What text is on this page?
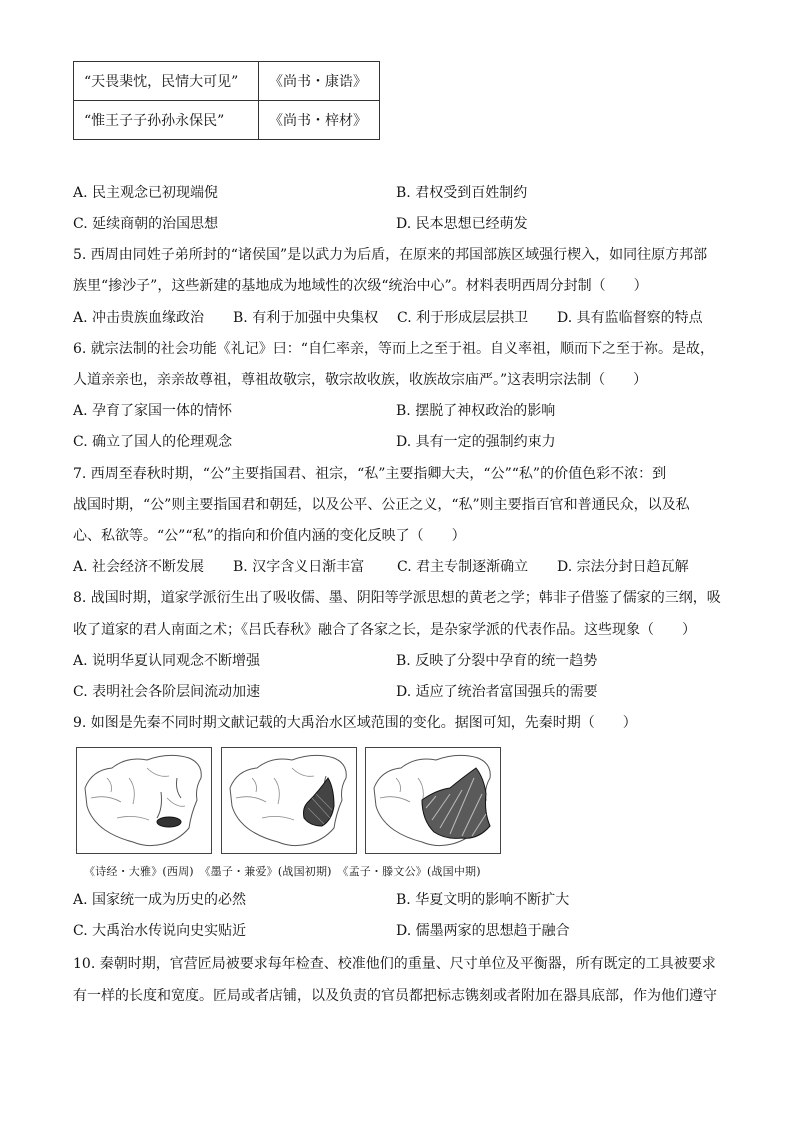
“天畏棐忱，民情大可见”	《尚书・康诰》
“惟王子子孙孙永保民”	《尚书・梓材》
A. 民主观念已初现端倪	B. 君权受到百姓制约
C. 延续商朝的治国思想	D. 民本思想已经萌发
5. 西周由同姓子弟所封的“诸侯国”是以武力为后盾，在原来的邦国部族区域强行楔入，如同往原方邦部
族里“掺沙子”，这些新建的基地成为地域性的次级“统治中心”。材料表明西周分封制（　　）
A. 冲击贵族血缘政治 B. 有利于加强中央集权 C. 利于形成层层拱卫 D. 具有监临督察的特点
6. 就宗法制的社会功能《礼记》曰：“自仁率亲，等而上之至于祖。自义率祖，顺而下之至于祢。是故，
人道亲亲也，亲亲故尊祖，尊祖故敬宗，敬宗故收族，收族故宗庙严。”这表明宗法制（　　）
A. 孕育了家国一体的情怀	B. 摆脱了神权政治的影响
C. 确立了国人的伦理观念	D. 具有一定的强制约束力
7. 西周至春秋时期，“公”主要指国君、祖宗，“私”主要指卿大夫，“公”“私”的价值色彩不浓：到
战国时期，“公”则主要指国君和朝廷，以及公平、公正之义，“私”则主要指百官和普通民众，以及私
心、私欲等。“公”“私”的指向和价值内涵的变化反映了（　　）
A. 社会经济不断发展 B. 汉字含义日渐丰富 C. 君主专制逐渐确立 D. 宗法分封日趋瓦解
8. 战国时期，道家学派衍生出了吸收儒、墨、阴阳等学派思想的黄老之学；韩非子借鉴了儒家的三纲，吸
收了道家的君人南面之术；《吕氏春秋》融合了各家之长，是杂家学派的代表作品。这些现象（　　）
A. 说明华夏认同观念不断增强	B. 反映了分裂中孕育的统一趋势
C. 表明社会各阶层间流动加速	D. 适应了统治者富国强兵的需要
9. 如图是先秦不同时期文献记载的大禹治水区域范围的变化。据图可知，先秦时期（　　）
《诗经・大雅》(西周)　《墨子・兼爱》(战国初期)　《孟子・滕文公》(战国中期)
A. 国家统一成为历史的必然	B. 华夏文明的影响不断扩大
C. 大禹治水传说向史实贴近	D. 儒墨两家的思想趋于融合
10. 秦朝时期，官营匠局被要求每年检查、校准他们的重量、尺寸单位及平衡器，所有既定的工具被要求
有一样的长度和宽度。匠局或者店铺，以及负责的官员都把标志镌刻或者附加在器具底部，作为他们遵守
